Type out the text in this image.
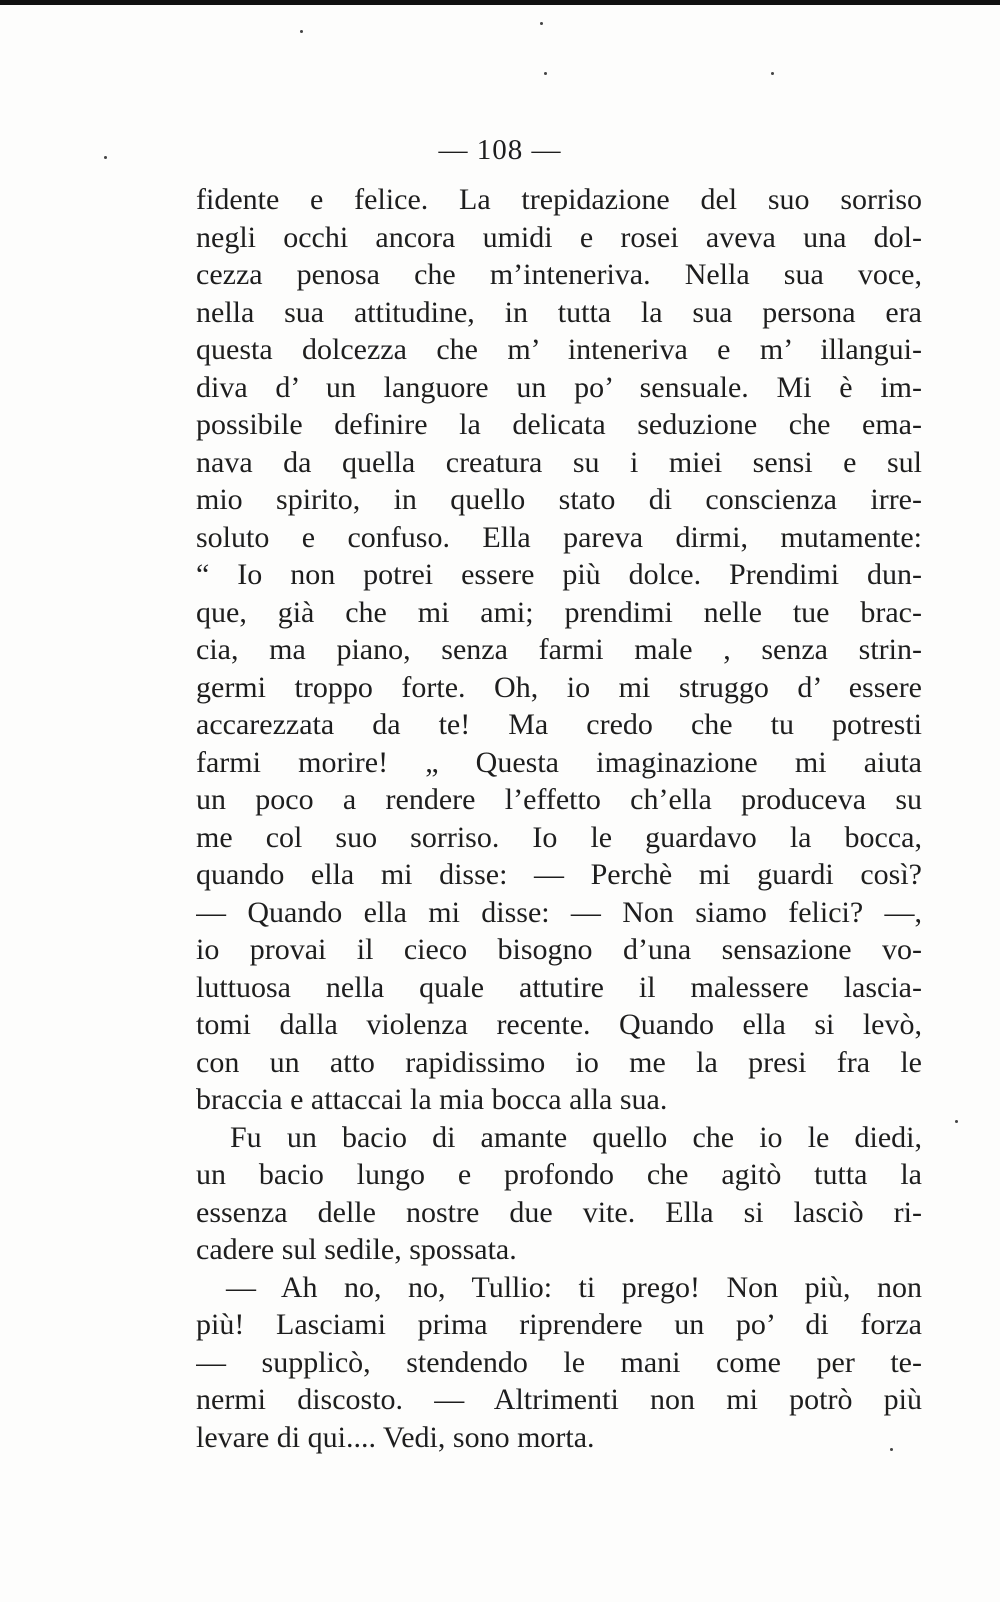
— 108 —
fidente e felice. La trepidazione del suo sorriso
negli occhi ancora umidi e rosei aveva una dol-
cezza penosa che m’inteneriva. Nella sua voce,
nella sua attitudine, in tutta la sua persona era
questa dolcezza che m’ inteneriva e m’ illangui-
diva d’ un languore un po’ sensuale. Mi è im-
possibile definire la delicata seduzione che ema-
nava da quella creatura su i miei sensi e sul
mio spirito, in quello stato di conscienza irre-
soluto e confuso. Ella pareva dirmi, mutamente:
“ Io non potrei essere più dolce. Prendimi dun-
que, già che mi ami; prendimi nelle tue brac-
cia, ma piano, senza farmi male , senza strin-
germi troppo forte. Oh, io mi struggo d’ essere
accarezzata da te! Ma credo che tu potresti
farmi morire! „ Questa imaginazione mi aiuta
un poco a rendere l’effetto ch’ella produceva su
me col suo sorriso. Io le guardavo la bocca,
quando ella mi disse: — Perchè mi guardi così?
— Quando ella mi disse: — Non siamo felici? —,
io provai il cieco bisogno d’una sensazione vo-
luttuosa nella quale attutire il malessere lascia-
tomi dalla violenza recente. Quando ella si levò,
con un atto rapidissimo io me la presi fra le
braccia e attaccai la mia bocca alla sua.
Fu un bacio di amante quello che io le diedi,
un bacio lungo e profondo che agitò tutta la
essenza delle nostre due vite. Ella si lasciò ri-
cadere sul sedile, spossata.
— Ah no, no, Tullio: ti prego! Non più, non
più! Lasciami prima riprendere un po’ di forza
— supplicò, stendendo le mani come per te-
nermi discosto. — Altrimenti non mi potrò più
levare di qui.... Vedi, sono morta.
